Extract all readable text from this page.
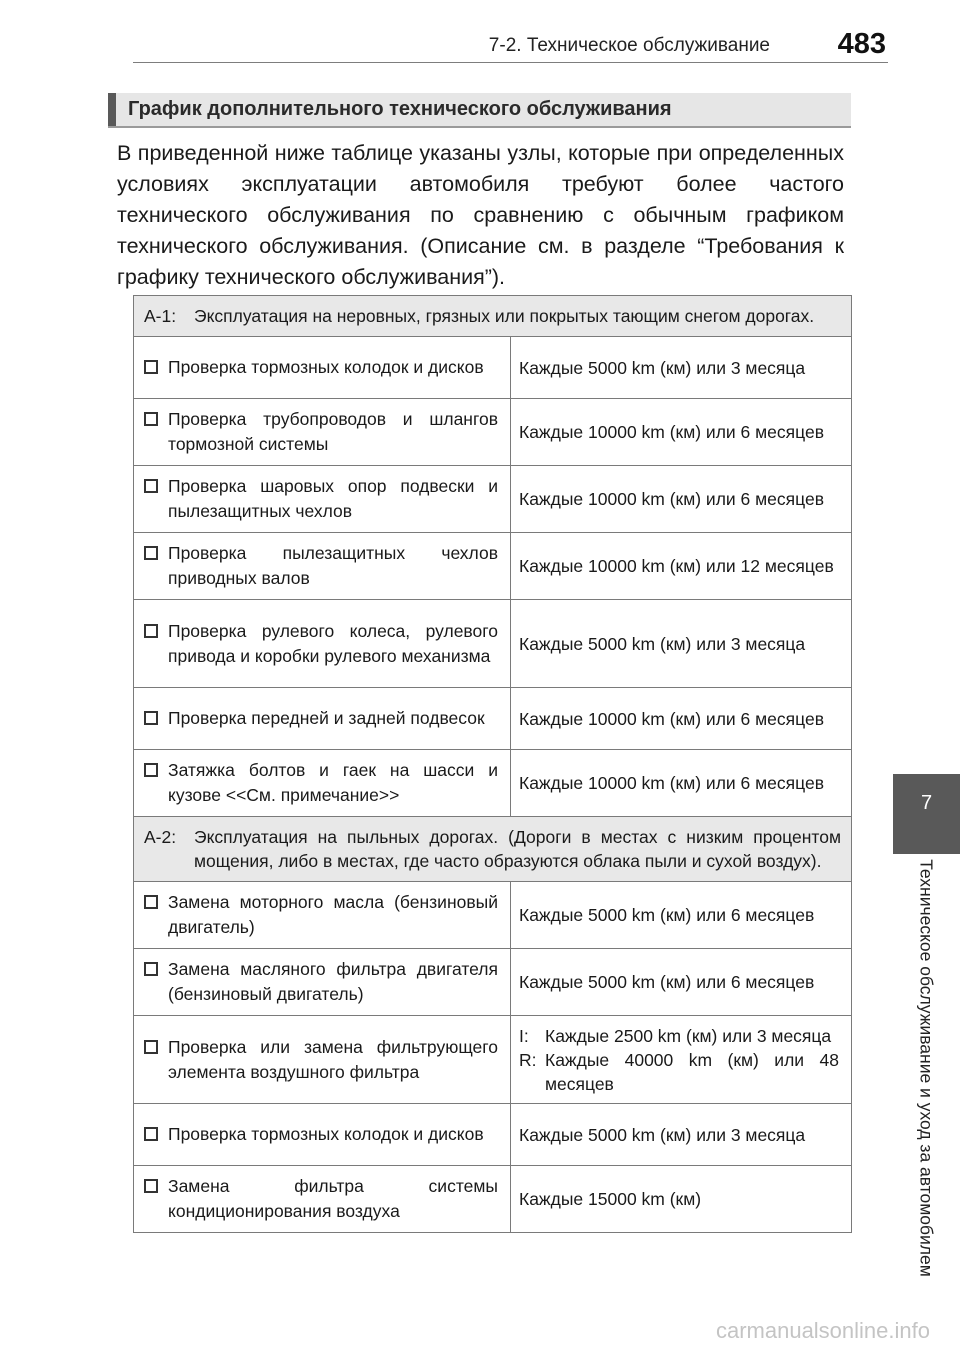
7-2. Техническое обслуживание	483
График дополнительного технического обслуживания
В приведенной ниже таблице указаны узлы, которые при определенных условиях эксплуатации автомобиля требуют более частого технического обслуживания по сравнению с обычным графиком технического обслуживания. (Описание см. в разделе “Требования к графику технического обслуживания”).
A-1: Эксплуатация на неровных, грязных или покрытых тающим снегом дорогах.	

Проверка тормозных колодок и дисков	Каждые 5000 km (км) или 3 месяца

Проверка трубопроводов и шлангов тормозной системы	Каждые 10000 km (км) или 6 месяцев

Проверка шаровых опор подвески и пылезащитных чехлов	Каждые 10000 km (км) или 6 месяцев

Проверка пылезащитных чехлов приводных валов	Каждые 10000 km (км) или 12 месяцев

Проверка рулевого колеса, рулевого привода и коробки рулевого механизма	Каждые 5000 km (км) или 3 месяца

Проверка передней и задней подвесок	Каждые 10000 km (км) или 6 месяцев

Затяжка болтов и гаек на шасси и кузове <<См. примечание>>	Каждые 10000 km (км) или 6 месяцев

A-2: Эксплуатация на пыльных дорогах. (Дороги в местах с низким процентом мощения, либо в местах, где часто образуются облака пыли и сухой воздух).	

Замена моторного масла (бензиновый двигатель)	Каждые 5000 km (км) или 6 месяцев

Замена масляного фильтра двигателя (бензиновый двигатель)	Каждые 5000 km (км) или 6 месяцев

Проверка или замена фильтрующего элемента воздушного фильтра	I: Каждые 2500 km (км) или 3 месяца
R: Каждые 40000 km (км) или 48 месяцев

Проверка тормозных колодок и дисков	Каждые 5000 km (км) или 3 месяца

Замена фильтра системы кондиционирования воздуха	Каждые 15000 km (км)
7
Техническое обслуживание и уход за автомобилем
carmanualsonline.info
